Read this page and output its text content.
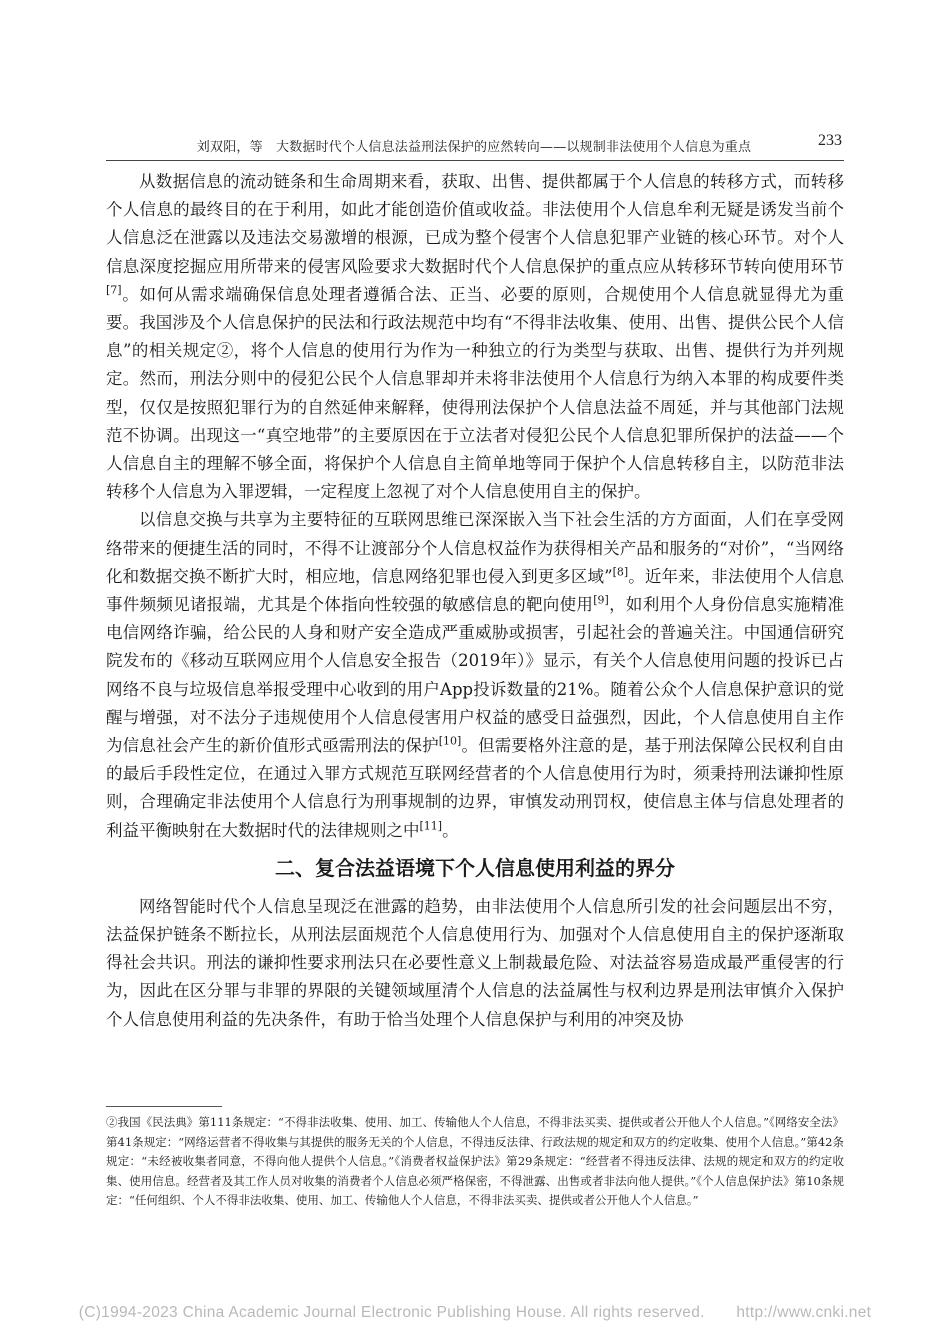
刘双阳，等　大数据时代个人信息法益刑法保护的应然转向——以规制非法使用个人信息为重点	233

从数据信息的流动链条和生命周期来看，获取、出售、提供都属于个人信息的转移方式，而转移个人信息的最终目的在于利用，如此才能创造价值或收益。非法使用个人信息牟利无疑是诱发当前个人信息泛在泄露以及违法交易激增的根源，已成为整个侵害个人信息犯罪产业链的核心环节。对个人信息深度挖掘应用所带来的侵害风险要求大数据时代个人信息保护的重点应从转移环节转向使用环节[7]。如何从需求端确保信息处理者遵循合法、正当、必要的原则，合规使用个人信息就显得尤为重要。我国涉及个人信息保护的民法和行政法规范中均有“不得非法收集、使用、出售、提供公民个人信息”的相关规定②，将个人信息的使用行为作为一种独立的行为类型与获取、出售、提供行为并列规定。然而，刑法分则中的侵犯公民个人信息罪却并未将非法使用个人信息行为纳入本罪的构成要件类型，仅仅是按照犯罪行为的自然延伸来解释，使得刑法保护个人信息法益不周延，并与其他部门法规范不协调。出现这一“真空地带”的主要原因在于立法者对侵犯公民个人信息犯罪所保护的法益——个人信息自主的理解不够全面，将保护个人信息自主简单地等同于保护个人信息转移自主，以防范非法转移个人信息为入罪逻辑，一定程度上忽视了对个人信息使用自主的保护。

以信息交换与共享为主要特征的互联网思维已深深嵌入当下社会生活的方方面面，人们在享受网络带来的便捷生活的同时，不得不让渡部分个人信息权益作为获得相关产品和服务的“对价”，“当网络化和数据交换不断扩大时，相应地，信息网络犯罪也侵入到更多区域”[8]。近年来，非法使用个人信息事件频频见诸报端，尤其是个体指向性较强的敏感信息的靶向使用[9]，如利用个人身份信息实施精准电信网络诈骗，给公民的人身和财产安全造成严重威胁或损害，引起社会的普遍关注。中国通信研究院发布的《移动互联网应用个人信息安全报告（2019年）》显示，有关个人信息使用问题的投诉已占网络不良与垃圾信息举报受理中心收到的用户App投诉数量的21%。随着公众个人信息保护意识的觉醒与增强，对不法分子违规使用个人信息侵害用户权益的感受日益强烈，因此，个人信息使用自主作为信息社会产生的新价值形式亟需刑法的保护[10]。但需要格外注意的是，基于刑法保障公民权利自由的最后手段性定位，在通过入罪方式规范互联网经营者的个人信息使用行为时，须秉持刑法谦抑性原则，合理确定非法使用个人信息行为刑事规制的边界，审慎发动刑罚权，使信息主体与信息处理者的利益平衡映射在大数据时代的法律规则之中[11]。

二、复合法益语境下个人信息使用利益的界分

网络智能时代个人信息呈现泛在泄露的趋势，由非法使用个人信息所引发的社会问题层出不穷，法益保护链条不断拉长，从刑法层面规范个人信息使用行为、加强对个人信息使用自主的保护逐渐取得社会共识。刑法的谦抑性要求刑法只在必要性意义上制裁最危险、对法益容易造成最严重侵害的行为，因此在区分罪与非罪的界限的关键领域厘清个人信息的法益属性与权利边界是刑法审慎介入保护个人信息使用利益的先决条件，有助于恰当处理个人信息保护与利用的冲突及协

②我国《民法典》第111条规定：“不得非法收集、使用、加工、传输他人个人信息，不得非法买卖、提供或者公开他人个人信息。”《网络安全法》第41条规定：“网络运营者不得收集与其提供的服务无关的个人信息，不得违反法律、行政法规的规定和双方的约定收集、使用个人信息。”第42条规定：“未经被收集者同意，不得向他人提供个人信息。”《消费者权益保护法》第29条规定：“经营者不得违反法律、法规的规定和双方的约定收集、使用信息。经营者及其工作人员对收集的消费者个人信息必须严格保密，不得泄露、出售或者非法向他人提供。”《个人信息保护法》第10条规定：“任何组织、个人不得非法收集、使用、加工、传输他人个人信息，不得非法买卖、提供或者公开他人个人信息。”
(C)1994-2023 China Academic Journal Electronic Publishing House. All rights reserved.　　http://www.cnki.net
